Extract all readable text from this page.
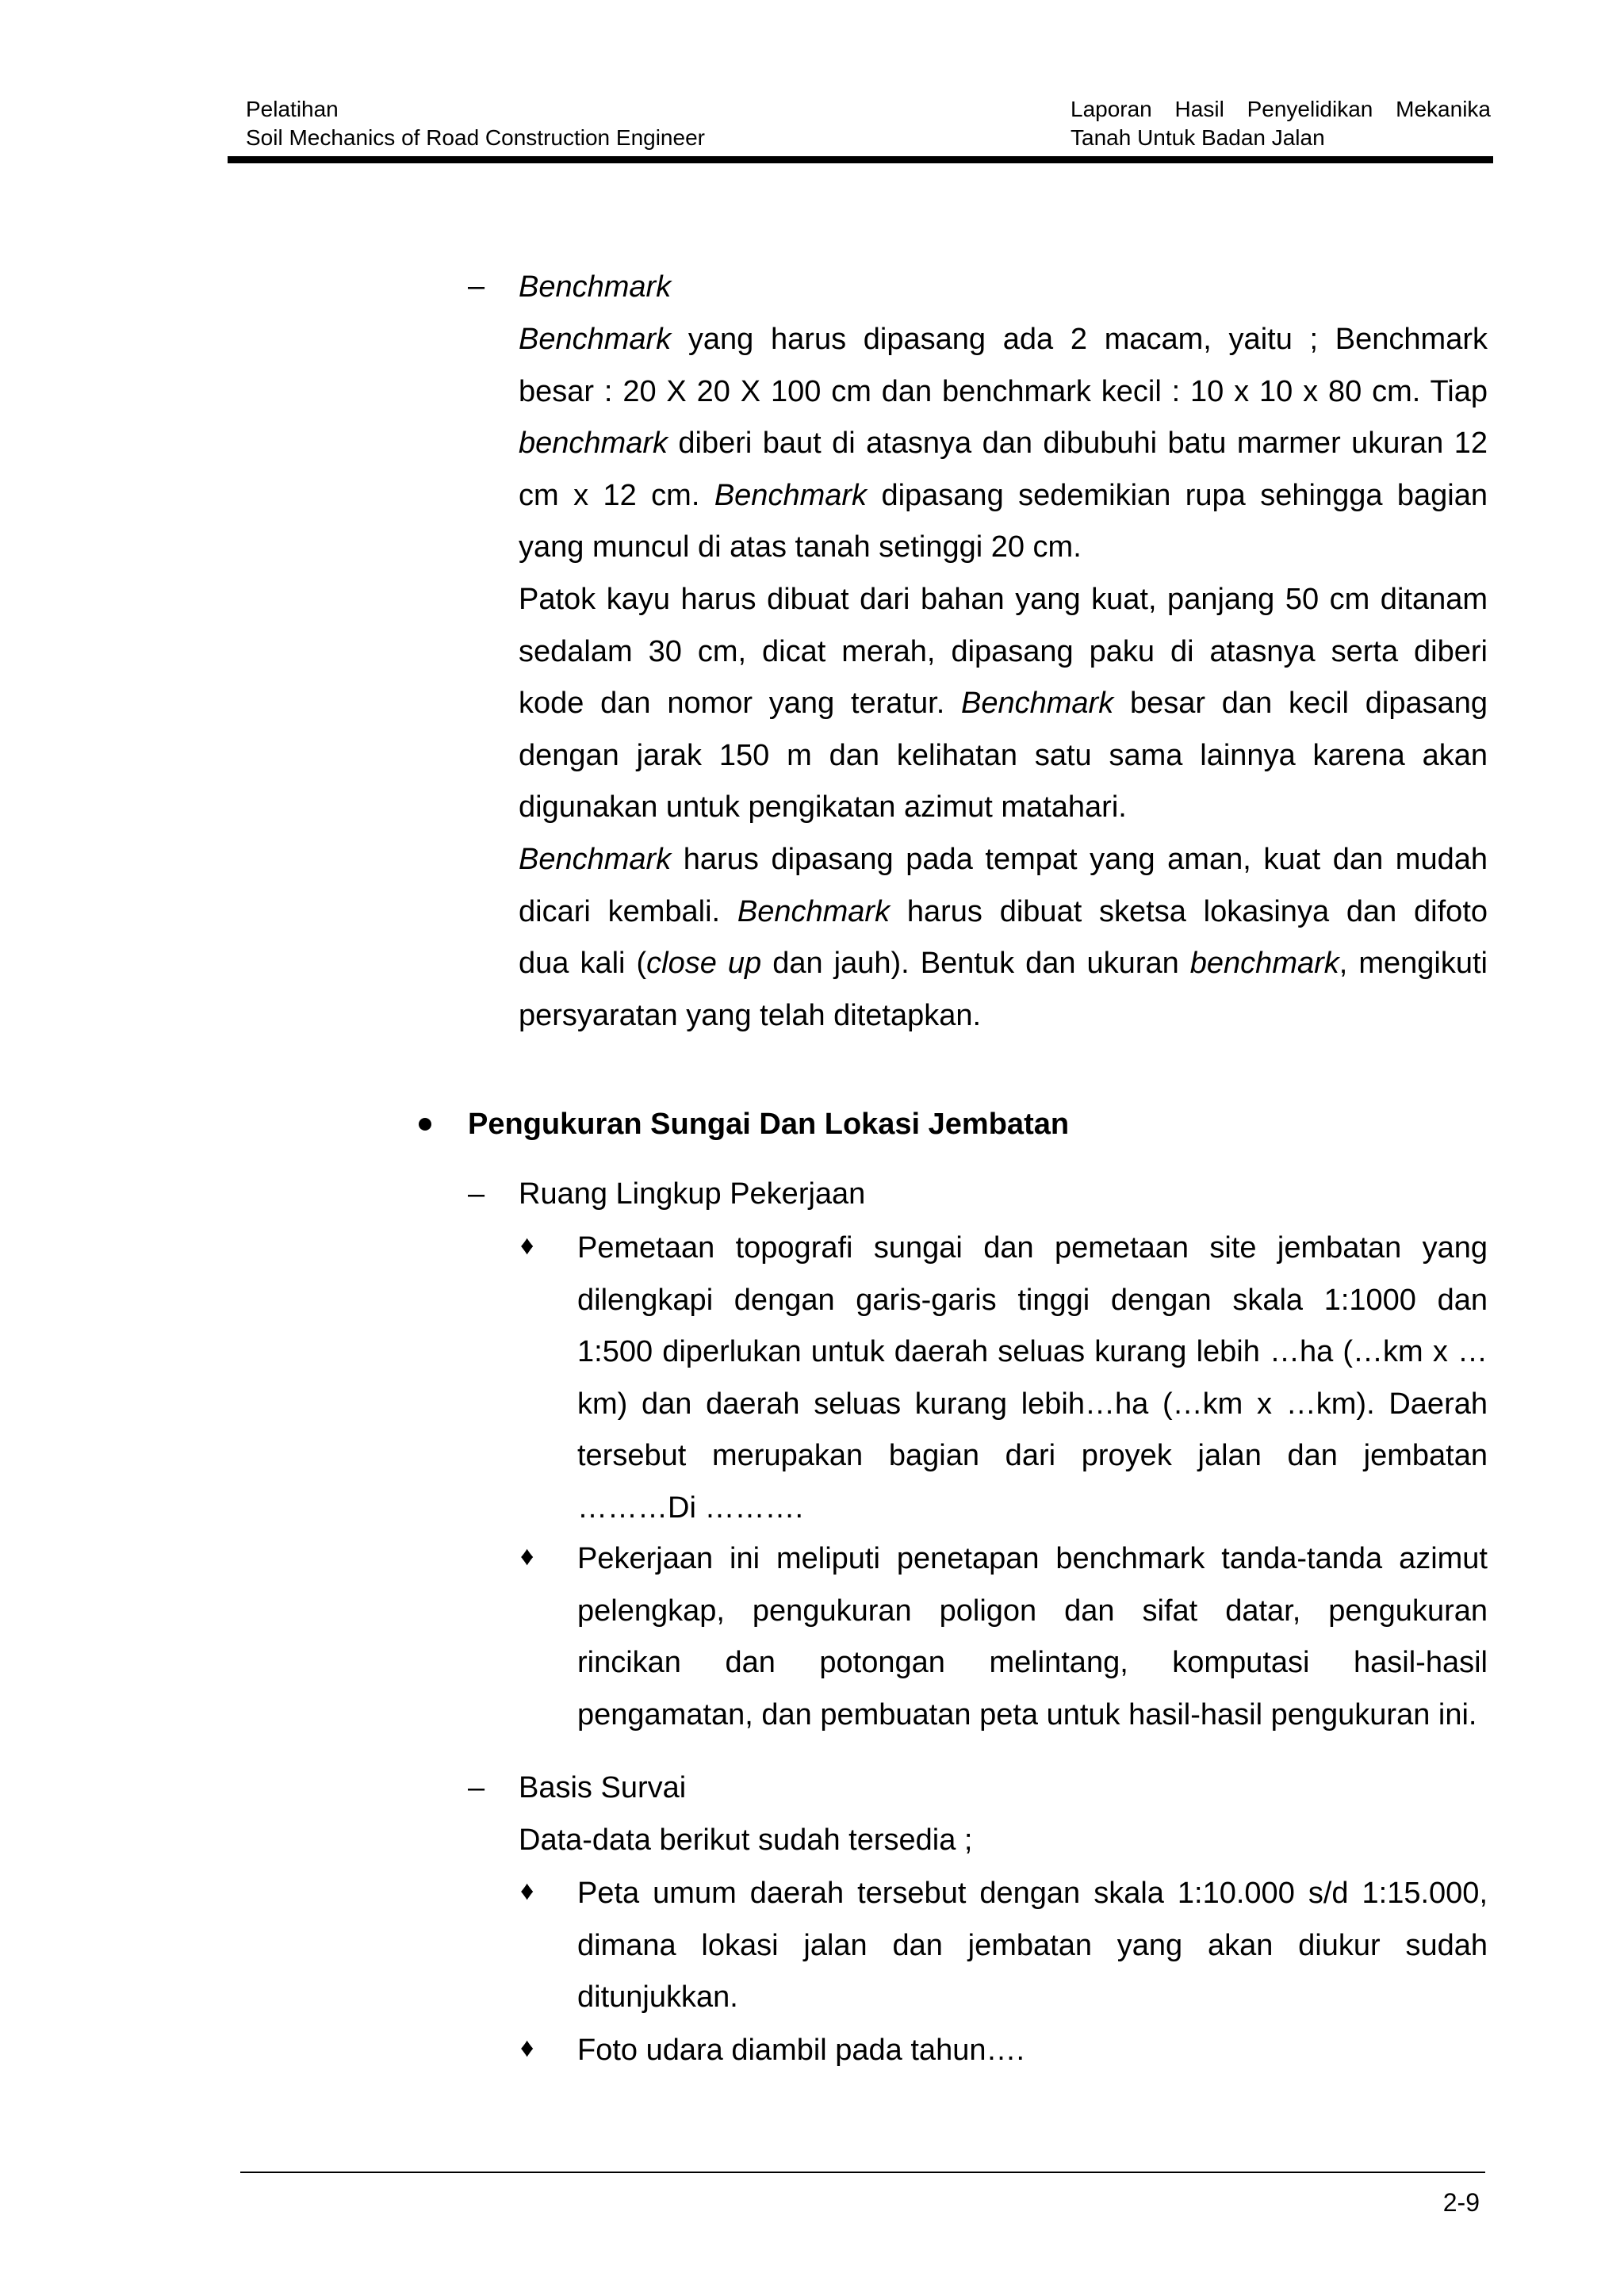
Pelatihan
Soil Mechanics of Road Construction Engineer
Laporan Hasil Penyelidikan Mekanika
Tanah Untuk Badan Jalan
– Benchmark
Benchmark yang harus dipasang ada 2 macam, yaitu ; Benchmark
besar : 20 X 20 X 100 cm dan benchmark kecil : 10 x 10 x 80 cm. Tiap
benchmark diberi baut di atasnya dan dibubuhi batu marmer ukuran 12
cm x 12 cm. Benchmark dipasang sedemikian rupa sehingga bagian
yang muncul di atas tanah setinggi 20 cm.
Patok kayu harus dibuat dari bahan yang kuat, panjang 50 cm ditanam
sedalam 30 cm, dicat merah, dipasang paku di atasnya serta diberi
kode dan nomor yang teratur. Benchmark besar dan kecil dipasang
dengan jarak 150 m dan kelihatan satu sama lainnya karena akan
digunakan untuk pengikatan azimut matahari.
Benchmark harus dipasang pada tempat yang aman, kuat dan mudah
dicari kembali. Benchmark harus dibuat sketsa lokasinya dan difoto
dua kali (close up dan jauh). Bentuk dan ukuran benchmark, mengikuti
persyaratan yang telah ditetapkan.
Pengukuran Sungai Dan Lokasi Jembatan
– Ruang Lingkup Pekerjaan
♦ Pemetaan topografi sungai dan pemetaan site jembatan yang
dilengkapi dengan garis-garis tinggi dengan skala 1:1000 dan
1:500 diperlukan untuk daerah seluas kurang lebih …ha (…km x …
km) dan daerah seluas kurang lebih…ha (…km x …km). Daerah
tersebut merupakan bagian dari proyek jalan dan jembatan
………Di ……….
♦ Pekerjaan ini meliputi penetapan benchmark tanda-tanda azimut
pelengkap, pengukuran poligon dan sifat datar, pengukuran
rincikan dan potongan melintang, komputasi hasil-hasil
pengamatan, dan pembuatan peta untuk hasil-hasil pengukuran ini.
– Basis Survai
Data-data berikut sudah tersedia ;
♦ Peta umum daerah tersebut dengan skala 1:10.000 s/d 1:15.000,
dimana lokasi jalan dan jembatan yang akan diukur sudah
ditunjukkan.
♦ Foto udara diambil pada tahun….
2-9
